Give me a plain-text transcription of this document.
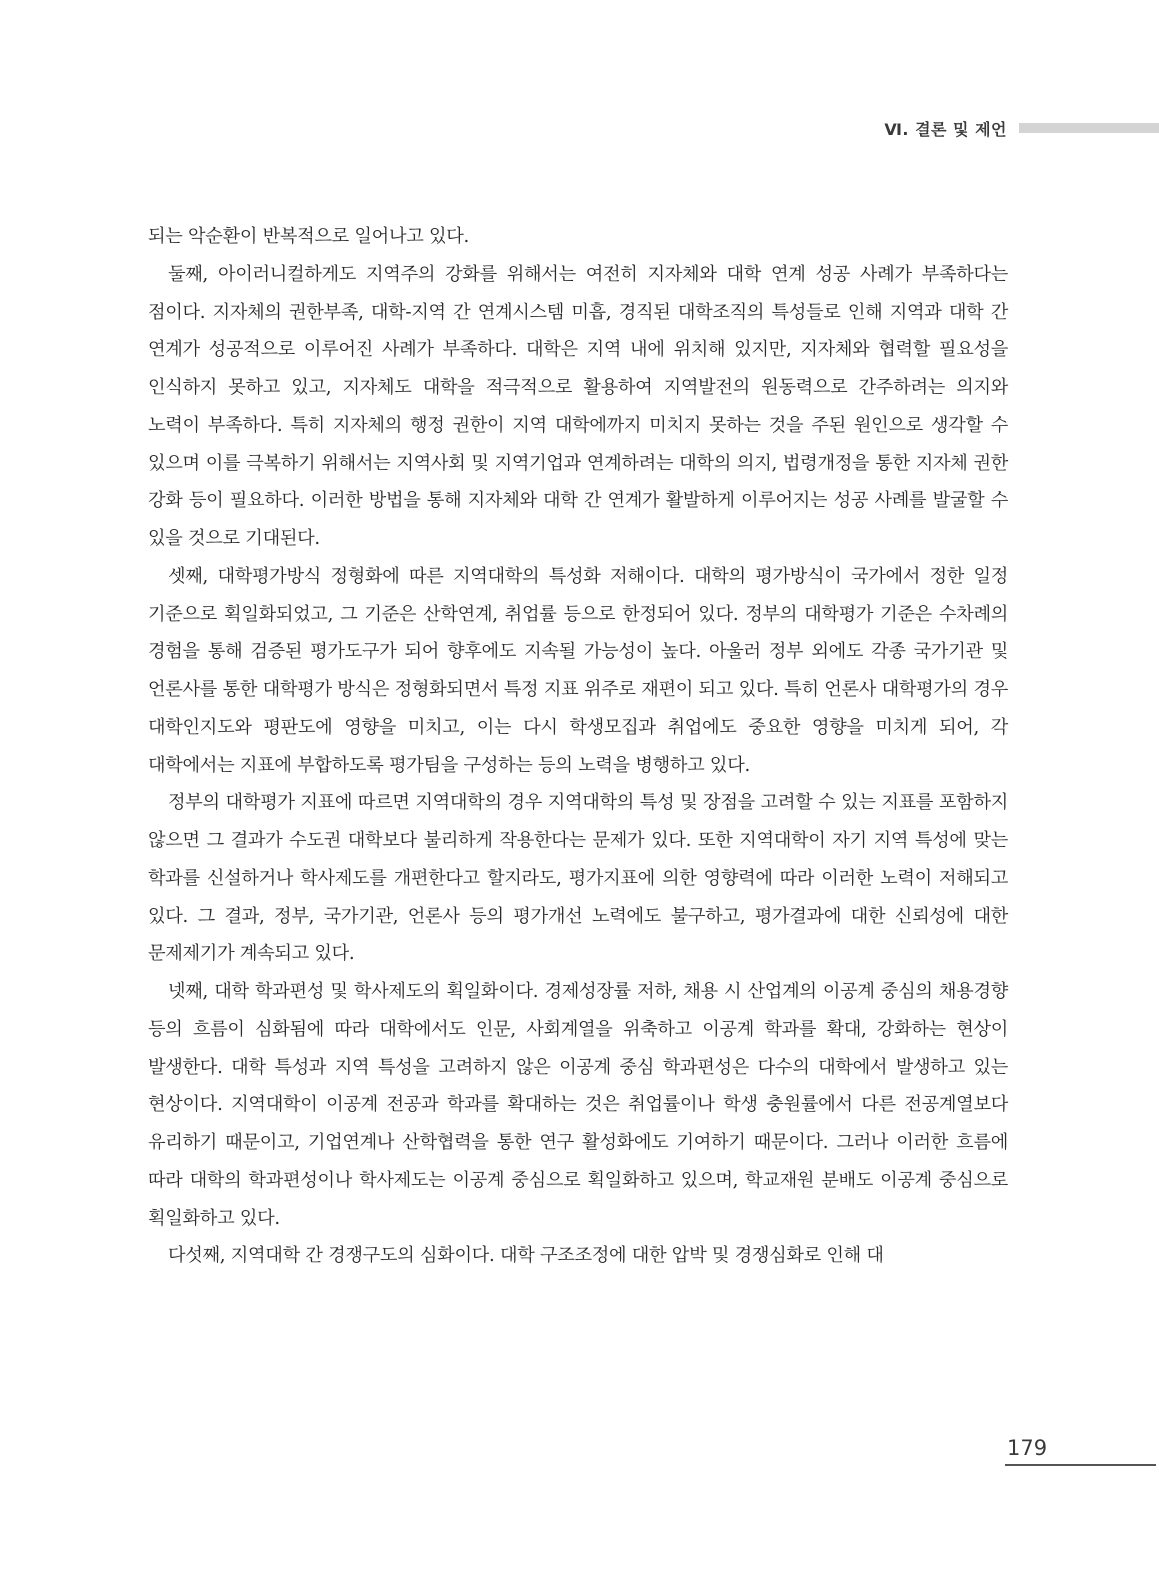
Ⅵ. 결론 및 제언

되는 악순환이 반복적으로 일어나고 있다.

둘째, 아이러니컬하게도 지역주의 강화를 위해서는 여전히 지자체와 대학 연계 성공 사례가 부족하다는 점이다. 지자체의 권한부족, 대학-지역 간 연계시스템 미흡, 경직된 대학조직의 특성들로 인해 지역과 대학 간 연계가 성공적으로 이루어진 사례가 부족하다. 대학은 지역 내에 위치해 있지만, 지자체와 협력할 필요성을 인식하지 못하고 있고, 지자체도 대학을 적극적으로 활용하여 지역발전의 원동력으로 간주하려는 의지와 노력이 부족하다. 특히 지자체의 행정 권한이 지역 대학에까지 미치지 못하는 것을 주된 원인으로 생각할 수 있으며 이를 극복하기 위해서는 지역사회 및 지역기업과 연계하려는 대학의 의지, 법령개정을 통한 지자체 권한 강화 등이 필요하다. 이러한 방법을 통해 지자체와 대학 간 연계가 활발하게 이루어지는 성공 사례를 발굴할 수 있을 것으로 기대된다.

셋째, 대학평가방식 정형화에 따른 지역대학의 특성화 저해이다. 대학의 평가방식이 국가에서 정한 일정 기준으로 획일화되었고, 그 기준은 산학연계, 취업률 등으로 한정되어 있다. 정부의 대학평가 기준은 수차례의 경험을 통해 검증된 평가도구가 되어 향후에도 지속될 가능성이 높다. 아울러 정부 외에도 각종 국가기관 및 언론사를 통한 대학평가 방식은 정형화되면서 특정 지표 위주로 재편이 되고 있다. 특히 언론사 대학평가의 경우 대학인지도와 평판도에 영향을 미치고, 이는 다시 학생모집과 취업에도 중요한 영향을 미치게 되어, 각 대학에서는 지표에 부합하도록 평가팀을 구성하는 등의 노력을 병행하고 있다.

정부의 대학평가 지표에 따르면 지역대학의 경우 지역대학의 특성 및 장점을 고려할 수 있는 지표를 포함하지 않으면 그 결과가 수도권 대학보다 불리하게 작용한다는 문제가 있다. 또한 지역대학이 자기 지역 특성에 맞는 학과를 신설하거나 학사제도를 개편한다고 할지라도, 평가지표에 의한 영향력에 따라 이러한 노력이 저해되고 있다. 그 결과, 정부, 국가기관, 언론사 등의 평가개선 노력에도 불구하고, 평가결과에 대한 신뢰성에 대한 문제제기가 계속되고 있다.

넷째, 대학 학과편성 및 학사제도의 획일화이다. 경제성장률 저하, 채용 시 산업계의 이공계 중심의 채용경향 등의 흐름이 심화됨에 따라 대학에서도 인문, 사회계열을 위축하고 이공계 학과를 확대, 강화하는 현상이 발생한다. 대학 특성과 지역 특성을 고려하지 않은 이공계 중심 학과편성은 다수의 대학에서 발생하고 있는 현상이다. 지역대학이 이공계 전공과 학과를 확대하는 것은 취업률이나 학생 충원률에서 다른 전공계열보다 유리하기 때문이고, 기업연계나 산학협력을 통한 연구 활성화에도 기여하기 때문이다. 그러나 이러한 흐름에 따라 대학의 학과편성이나 학사제도는 이공계 중심으로 획일화하고 있으며, 학교재원 분배도 이공계 중심으로 획일화하고 있다.

다섯째, 지역대학 간 경쟁구도의 심화이다. 대학 구조조정에 대한 압박 및 경쟁심화로 인해 대

179
